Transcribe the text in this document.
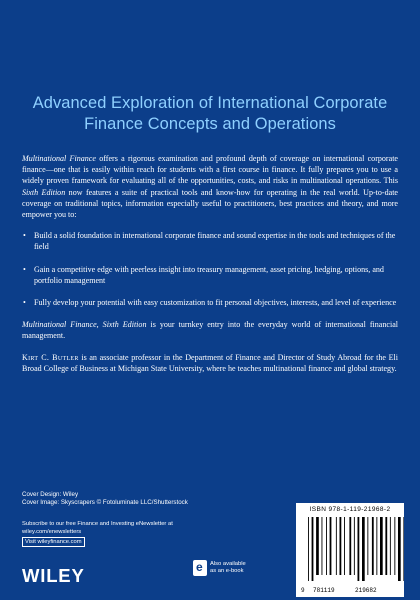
Advanced Exploration of International Corporate
Finance Concepts and Operations

Multinational Finance offers a rigorous examination and profound depth of coverage on international corporate finance—one that is easily within reach for students with a first course in finance. It fully prepares you to use a widely proven framework for evaluating all of the opportunities, costs, and risks in multinational operations. This Sixth Edition now features a suite of practical tools and know-how for operating in the real world. Up-to-date coverage on traditional topics, information especially useful to practitioners, best practices and theory, and more empower you to:

• Build a solid foundation in international corporate finance and sound expertise in the tools and techniques of the field
• Gain a competitive edge with peerless insight into treasury management, asset pricing, hedging, options, and portfolio management
• Fully develop your potential with easy customization to fit personal objectives, interests, and level of experience

Multinational Finance, Sixth Edition is your turnkey entry into the everyday world of international financial management.

Kirt C. Butler is an associate professor in the Department of Finance and Director of Study Abroad for the Eli Broad College of Business at Michigan State University, where he teaches multinational finance and global strategy.

Cover Design: Wiley
Cover Image: Skyscrapers © Fotoluminate LLC/Shutterstock
Subscribe to our free Finance and Investing eNewsletter at
wiley.com/enewsletters
Visit wileyfinance.com
WILEY
e
Also available
as an e-book
ISBN 978-1-119-21968-2
9 781119	219682
